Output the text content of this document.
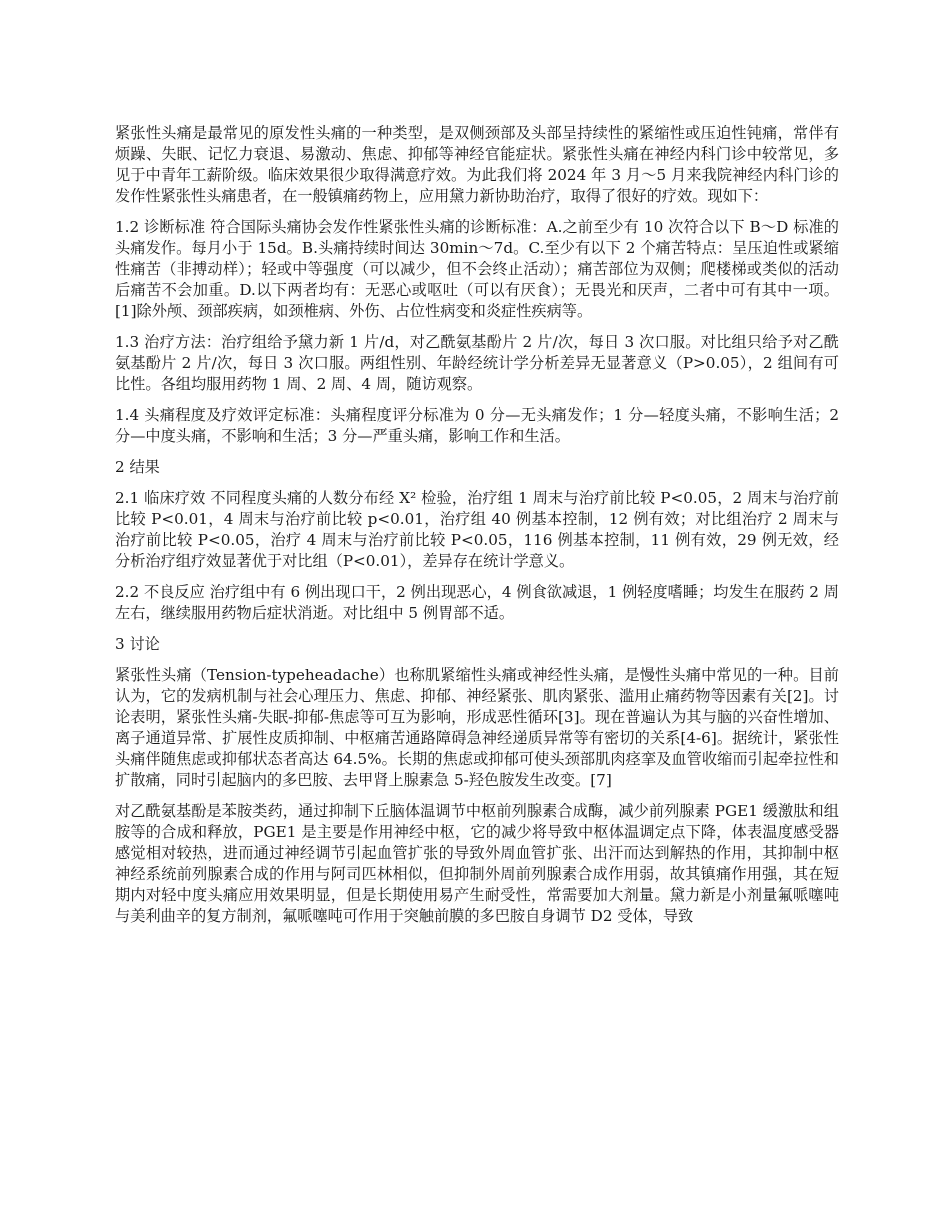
紧张性头痛是最常见的原发性头痛的一种类型，是双侧颈部及头部呈持续性的紧缩性或压迫性钝痛，常伴有烦躁、失眠、记忆力衰退、易激动、焦虑、抑郁等神经官能症状。紧张性头痛在神经内科门诊中较常见，多见于中青年工薪阶级。临床效果很少取得满意疗效。为此我们将 2024 年 3 月～5 月来我院神经内科门诊的发作性紧张性头痛患者，在一般镇痛药物上，应用黛力新协助治疗，取得了很好的疗效。现如下：

1.2 诊断标准 符合国际头痛协会发作性紧张性头痛的诊断标准：A.之前至少有 10 次符合以下 B～D 标准的头痛发作。每月小于 15d。B.头痛持续时间达 30min～7d。C.至少有以下 2 个痛苦特点：呈压迫性或紧缩性痛苦（非搏动样）；轻或中等强度（可以减少，但不会终止活动）；痛苦部位为双侧；爬楼梯或类似的活动后痛苦不会加重。D.以下两者均有：无恶心或呕吐（可以有厌食）；无畏光和厌声，二者中可有其中一项。[1]除外颅、颈部疾病，如颈椎病、外伤、占位性病变和炎症性疾病等。

1.3 治疗方法：治疗组给予黛力新 1 片/d，对乙酰氨基酚片 2 片/次，每日 3 次口服。对比组只给予对乙酰氨基酚片 2 片/次，每日 3 次口服。两组性别、年龄经统计学分析差异无显著意义（P>0.05），2 组间有可比性。各组均服用药物 1 周、2 周、4 周，随访观察。

1.4 头痛程度及疗效评定标准：头痛程度评分标准为 0 分—无头痛发作；1 分—轻度头痛，不影响生活；2 分—中度头痛，不影响和生活；3 分—严重头痛，影响工作和生活。

2 结果

2.1 临床疗效 不同程度头痛的人数分布经 X² 检验，治疗组 1 周末与治疗前比较 P<0.05，2 周末与治疗前比较 P<0.01，4 周末与治疗前比较 p<0.01，治疗组 40 例基本控制，12 例有效；对比组治疗 2 周末与治疗前比较 P<0.05，治疗 4 周末与治疗前比较 P<0.05，116 例基本控制，11 例有效，29 例无效，经分析治疗组疗效显著优于对比组（P<0.01），差异存在统计学意义。

2.2 不良反应 治疗组中有 6 例出现口干，2 例出现恶心，4 例食欲减退，1 例轻度嗜睡；均发生在服药 2 周左右，继续服用药物后症状消逝。对比组中 5 例胃部不适。

3 讨论

紧张性头痛（Tension-typeheadache）也称肌紧缩性头痛或神经性头痛，是慢性头痛中常见的一种。目前认为，它的发病机制与社会心理压力、焦虑、抑郁、神经紧张、肌肉紧张、滥用止痛药物等因素有关[2]。讨论表明，紧张性头痛-失眠-抑郁-焦虑等可互为影响，形成恶性循环[3]。现在普遍认为其与脑的兴奋性增加、离子通道异常、扩展性皮质抑制、中枢痛苦通路障碍急神经递质异常等有密切的关系[4-6]。据统计，紧张性头痛伴随焦虑或抑郁状态者高达 64.5%。长期的焦虑或抑郁可使头颈部肌肉痉挛及血管收缩而引起牵拉性和扩散痛，同时引起脑内的多巴胺、去甲肾上腺素急 5-羟色胺发生改变。[7]

对乙酰氨基酚是苯胺类药，通过抑制下丘脑体温调节中枢前列腺素合成酶，减少前列腺素 PGE1 缓激肽和组胺等的合成和释放，PGE1 是主要是作用神经中枢，它的减少将导致中枢体温调定点下降，体表温度感受器感觉相对较热，进而通过神经调节引起血管扩张的导致外周血管扩张、出汗而达到解热的作用，其抑制中枢神经系统前列腺素合成的作用与阿司匹林相似，但抑制外周前列腺素合成作用弱，故其镇痛作用强，其在短期内对轻中度头痛应用效果明显，但是长期使用易产生耐受性，常需要加大剂量。黛力新是小剂量氟哌噻吨与美利曲辛的复方制剂，氟哌噻吨可作用于突触前膜的多巴胺自身调节 D2 受体，导致
